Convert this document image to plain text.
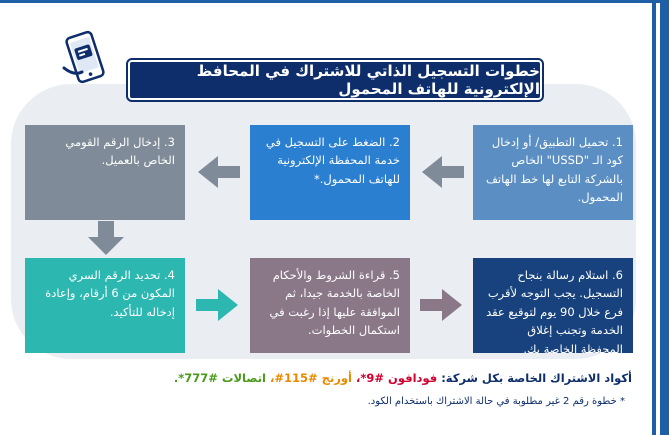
خطوات التسجيل الذاتي للاشتراك في المحافظ الإلكترونية للهاتف المحمول
1. تحميل التطبيق/ أو إدخال كود الـ "USSD" الخاص بالشركة التابع لها خط الهاتف المحمول.
2. الضغط على التسجيل في خدمة المحفظة الإلكترونية للهاتف المحمول.*
3. إدخال الرقم القومي الخاص بالعميل.
6. استلام رسالة بنجاح التسجيل. يجب التوجه لأقرب فرع خلال 90 يوم لتوقيع عقد الخدمة وتجنب إغلاق المحفظة الخاصة بك.
5. قراءة الشروط والأحكام الخاصة بالخدمة جيدا، ثم الموافقة عليها إذا رغبت في استكمال الخطوات.
4. تحديد الرقم السري المكون من 6 أرقام، وإعادة إدخاله للتأكيد.
أكواد الاشتراك الخاصة بكل شركة: فودافون #9*، أورنج #115#، اتصالات #777*.
* خطوة رقم 2 غير مطلوبة في حالة الاشتراك باستخدام الكود.
